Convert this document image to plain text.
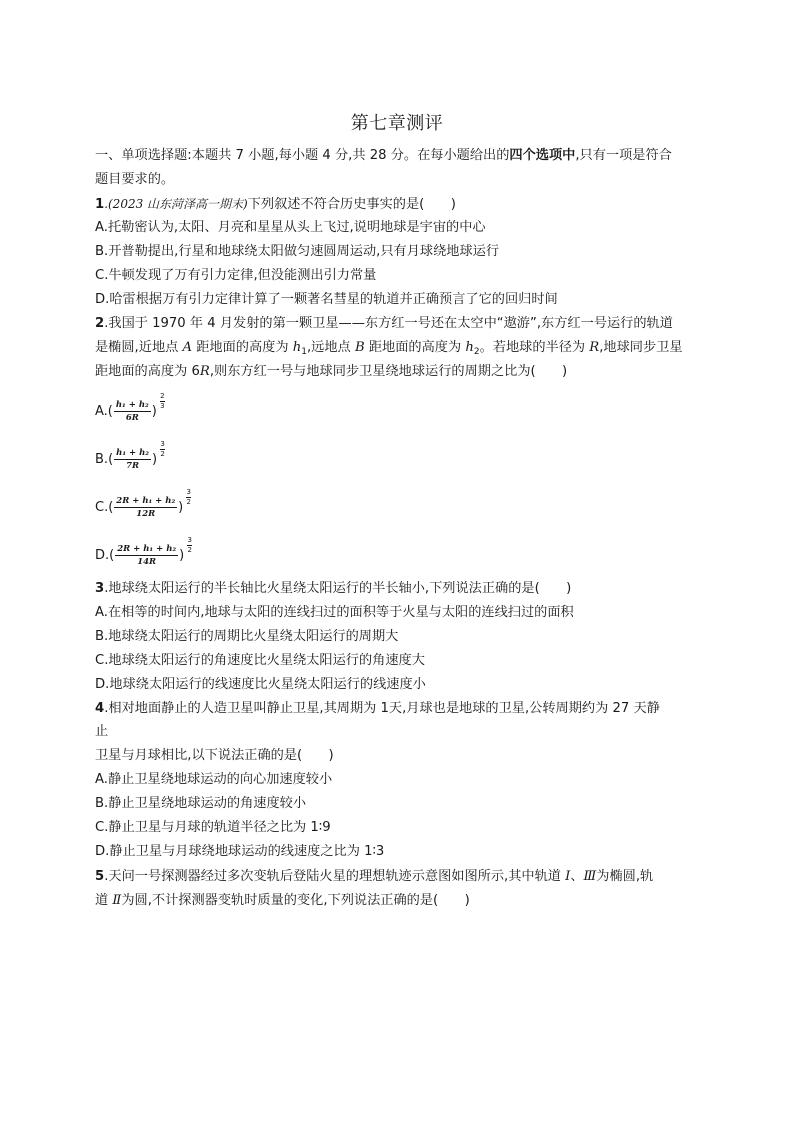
第七章测评
一、单项选择题:本题共 7 小题,每小题 4 分,共 28 分。在每小题给出的四个选项中,只有一项是符合
题目要求的。
1.(2023 山东菏泽高一期末)下列叙述不符合历史事实的是(　　)
A.托勒密认为,太阳、月亮和星星从头上飞过,说明地球是宇宙的中心
B.开普勒提出,行星和地球绕太阳做匀速圆周运动,只有月球绕地球运行
C.牛顿发现了万有引力定律,但没能测出引力常量
D.哈雷根据万有引力定律计算了一颗著名彗星的轨道并正确预言了它的回归时间
2.我国于 1970 年 4 月发射的第一颗卫星——东方红一号还在太空中“遨游”,东方红一号运行的轨道
是椭圆,近地点 A 距地面的高度为 $h_1$,远地点 B 距地面的高度为 $h_2$。若地球的半径为 R,地球同步卫星
距地面的高度为 6R,则东方红一号与地球同步卫星绕地球运行的周期之比为(　　)
A. ( $\frac{\text{h₁ + h₂}}{6R}$ )
2
3
B. ( $\frac{\text{h₁ + h₂}}{7R}$ )
3
2
C. ( $\frac{\text{2R + h₁ + h₂}}{12R}$ )
3
2
D. ( $\frac{\text{2R + h₁ + h₂}}{14R}$ )
3
2
3.地球绕太阳运行的半长轴比火星绕太阳运行的半长轴小,下列说法正确的是(　　)
A.在相等的时间内,地球与太阳的连线扫过的面积等于火星与太阳的连线扫过的面积
B.地球绕太阳运行的周期比火星绕太阳运行的周期大
C.地球绕太阳运行的角速度比火星绕太阳运行的角速度大
D.地球绕太阳运行的线速度比火星绕太阳运行的线速度小
4.相对地面静止的人造卫星叫静止卫星,其周期为 1天,月球也是地球的卫星,公转周期约为 27 天静
止
卫星与月球相比,以下说法正确的是(　　)
A.静止卫星绕地球运动的向心加速度较小
B.静止卫星绕地球运动的角速度较小
C.静止卫星与月球的轨道半径之比为 1∶9
D.静止卫星与月球绕地球运动的线速度之比为 1∶3
5.天问一号探测器经过多次变轨后登陆火星的理想轨迹示意图如图所示,其中轨道 Ⅰ、Ⅲ为椭圆,轨
道 Ⅱ为圆,不计探测器变轨时质量的变化,下列说法正确的是(　　)
